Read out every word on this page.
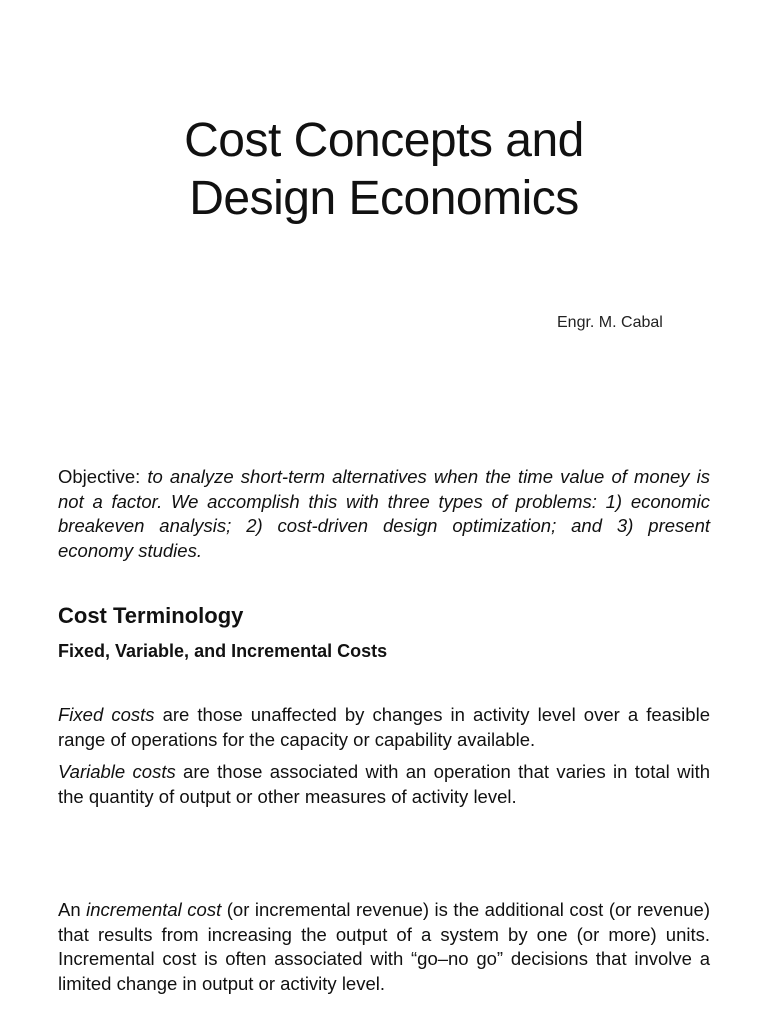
Cost Concepts and
Design Economics
Engr. M. Cabal

Objective: to analyze short-term alternatives when the time value of money is not a factor. We accomplish this with three types of problems: 1) economic breakeven analysis; 2) cost-driven design optimization; and 3) present economy studies.

Cost Terminology
Fixed, Variable, and Incremental Costs

Fixed costs are those unaffected by changes in activity level over a feasible range of operations for the capacity or capability available.

Variable costs are those associated with an operation that varies in total with the quantity of output or other measures of activity level.

An incremental cost (or incremental revenue) is the additional cost (or revenue) that results from increasing the output of a system by one (or more) units. Incremental cost is often associated with “go–no go” decisions that involve a limited change in output or activity level.
